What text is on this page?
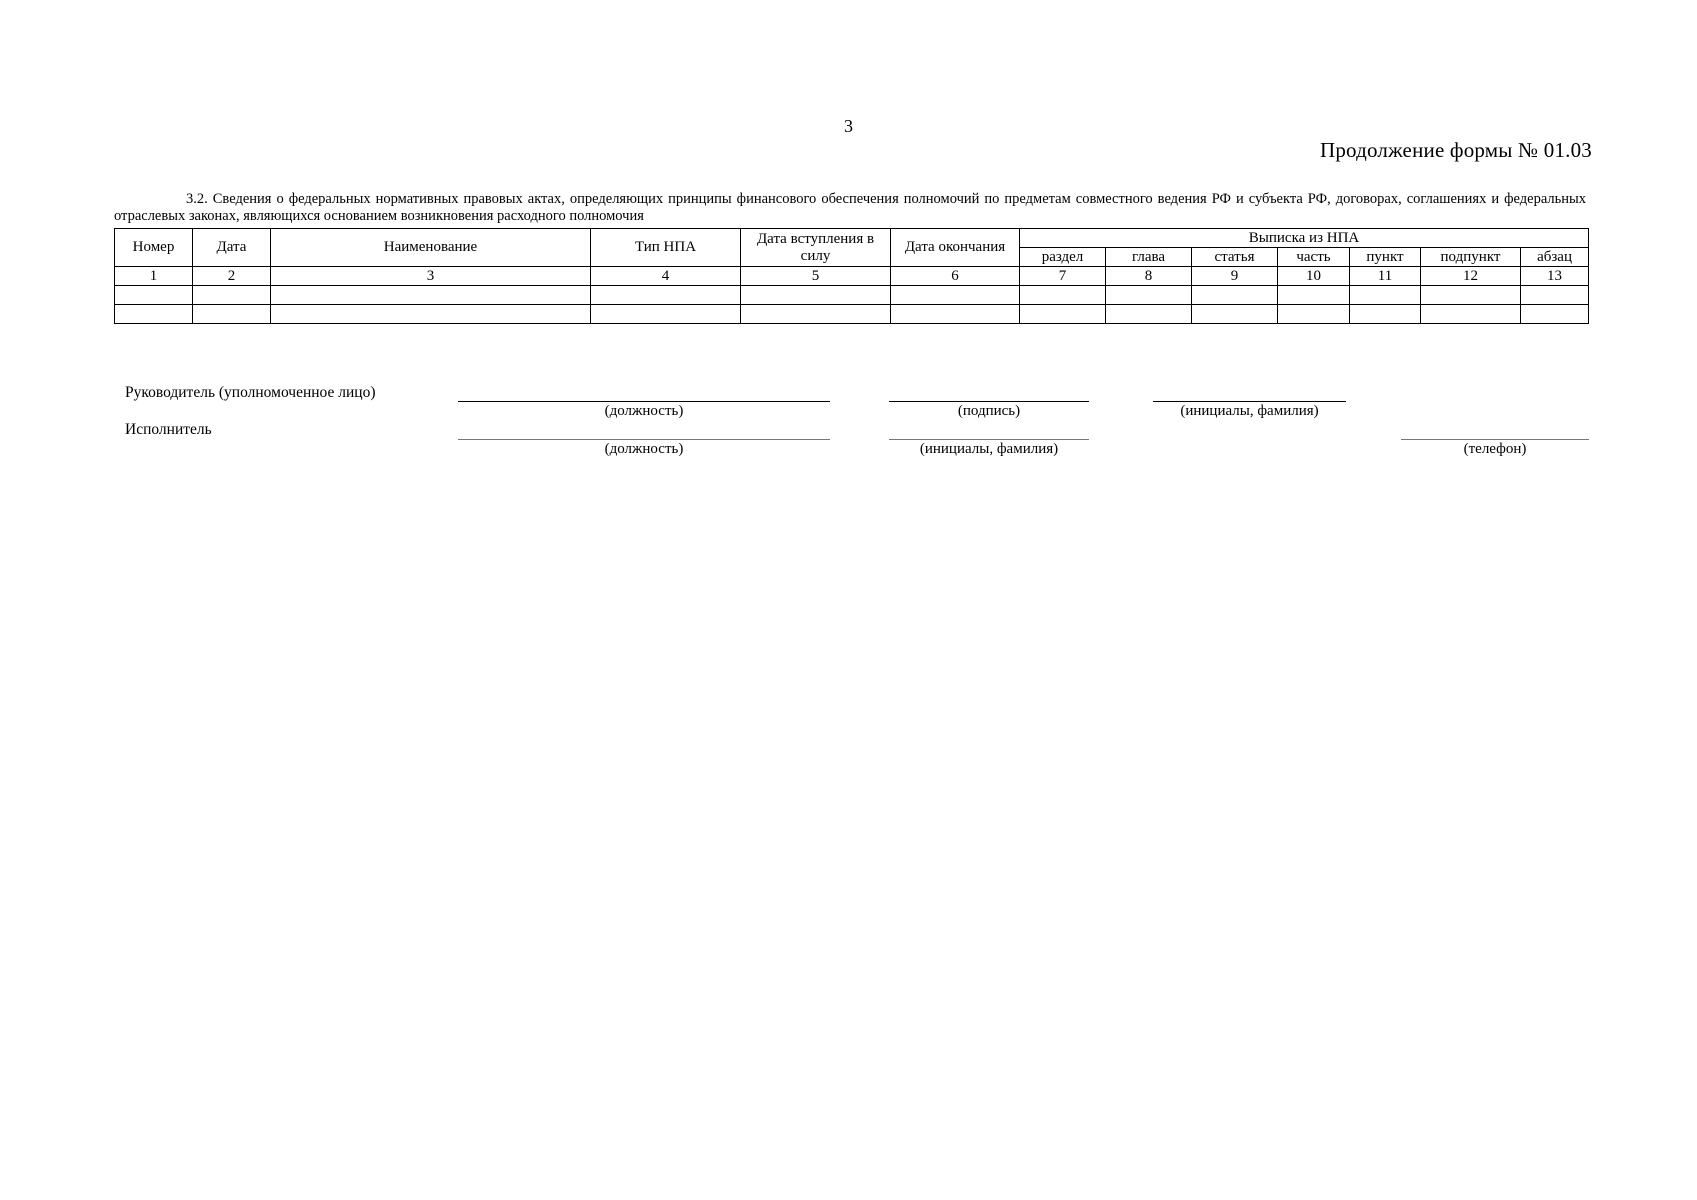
3
Продолжение формы № 01.03
3.2. Сведения о федеральных нормативных правовых актах, определяющих принципы финансового обеспечения полномочий по предметам совместного ведения РФ и субъекта РФ, договорах, соглашениях и федеральных отраслевых законах, являющихся основанием возникновения расходного полномочия
Номер	Дата	Наименование	Тип НПА	Дата вступления в силу	Дата окончания	Выписка из НПА						
						раздел	глава	статья	часть	пункт	подпункт	абзац
1	2	3	4	5	6	7	8	9	10	11	12	13

Руководитель (уполномоченное лицо)
(должность)	(подпись)	(инициалы, фамилия)
Исполнитель
(должность)	(инициалы, фамилия)	(телефон)
